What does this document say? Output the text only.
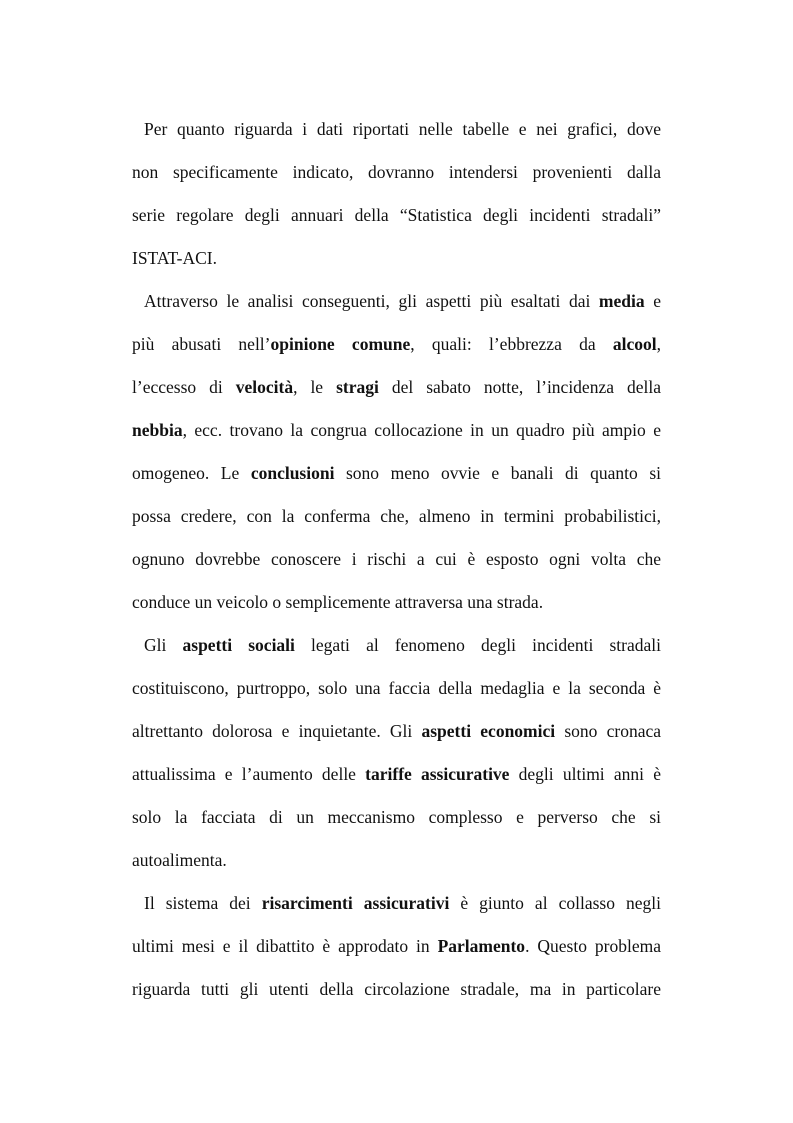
Per quanto riguarda i dati riportati nelle tabelle e nei grafici, dove
non specificamente indicato, dovranno intendersi provenienti dalla
serie regolare degli annuari della “Statistica degli incidenti stradali”
ISTAT-ACI.
Attraverso le analisi conseguenti, gli aspetti più esaltati dai media e
più abusati nell’opinione comune, quali: l’ebbrezza da alcool,
l’eccesso di velocità, le stragi del sabato notte, l’incidenza della
nebbia, ecc. trovano la congrua collocazione in un quadro più ampio e
omogeneo. Le conclusioni sono meno ovvie e banali di quanto si
possa credere, con la conferma che, almeno in termini probabilistici,
ognuno dovrebbe conoscere i rischi a cui è esposto ogni volta che
conduce un veicolo o semplicemente attraversa una strada.
Gli aspetti sociali legati al fenomeno degli incidenti stradali
costituiscono, purtroppo, solo una faccia della medaglia e la seconda è
altrettanto dolorosa e inquietante. Gli aspetti economici sono cronaca
attualissima e l’aumento delle tariffe assicurative degli ultimi anni è
solo la facciata di un meccanismo complesso e perverso che si
autoalimenta.
Il sistema dei risarcimenti assicurativi è giunto al collasso negli
ultimi mesi e il dibattito è approdato in Parlamento. Questo problema
riguarda tutti gli utenti della circolazione stradale, ma in particolare
